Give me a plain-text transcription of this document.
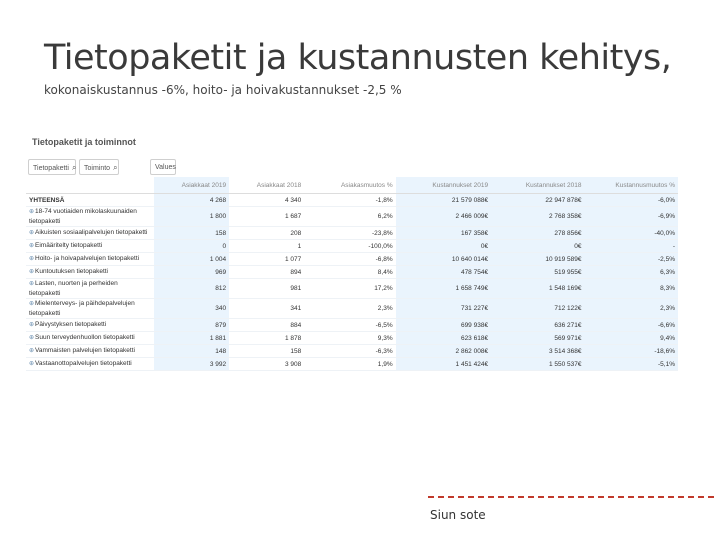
Tietopaketit ja kustannusten kehitys,
kokonaiskustannus -6%, hoito- ja hoivakustannukset -2,5 %
Tietopaketit ja toiminnot
Tietopaketti ⌕	Toiminto ⌕	Values
	Asiakkaat 2019	Asiakkaat 2018	Asiakasmuutos %	Kustannukset 2019	Kustannukset 2018	Kustannusmuutos %
YHTEENSÄ	4 268	4 340	-1,8%	21 579 088€	22 947 878€	-6,0%
⊕18-74 vuotiaiden mikolaskuunaiden tietopaketti	1 800	1 687	6,2%	2 466 009€	2 768 358€	-6,9%
⊕Aikuisten sosiaalipalvelujen tietopaketti	158	208	-23,8%	167 358€	278 856€	-40,0%
⊕Eimääritelty tietopaketti	0	1	-100,0%	0€	0€	-
⊕Hoito- ja hoivapalvelujen tietopaketti	1 004	1 077	-6,8%	10 640 014€	10 919 589€	-2,5%
⊕Kuntoutuksen tietopaketti	969	894	8,4%	478 754€	519 955€	6,3%
⊕Lasten, nuorten ja perheiden tietopaketti	812	981	17,2%	1 658 749€	1 548 169€	8,3%
⊕Mielenterveys- ja päihdepalvelujen tietopaketti	340	341	2,3%	731 227€	712 122€	2,3%
⊕Päivystyksen tietopaketti	879	884	-6,5%	699 938€	636 271€	-6,6%
⊕Suun terveydenhuollon tietopaketti	1 881	1 878	9,3%	623 618€	569 971€	9,4%
⊕Vammaisten palvelujen tietopaketti	148	158	-6,3%	2 862 008€	3 514 368€	-18,6%
⊕Vastaanottopalvelujen tietopaketti	3 992	3 908	1,9%	1 451 424€	1 550 537€	-5,1%
Siun sote
